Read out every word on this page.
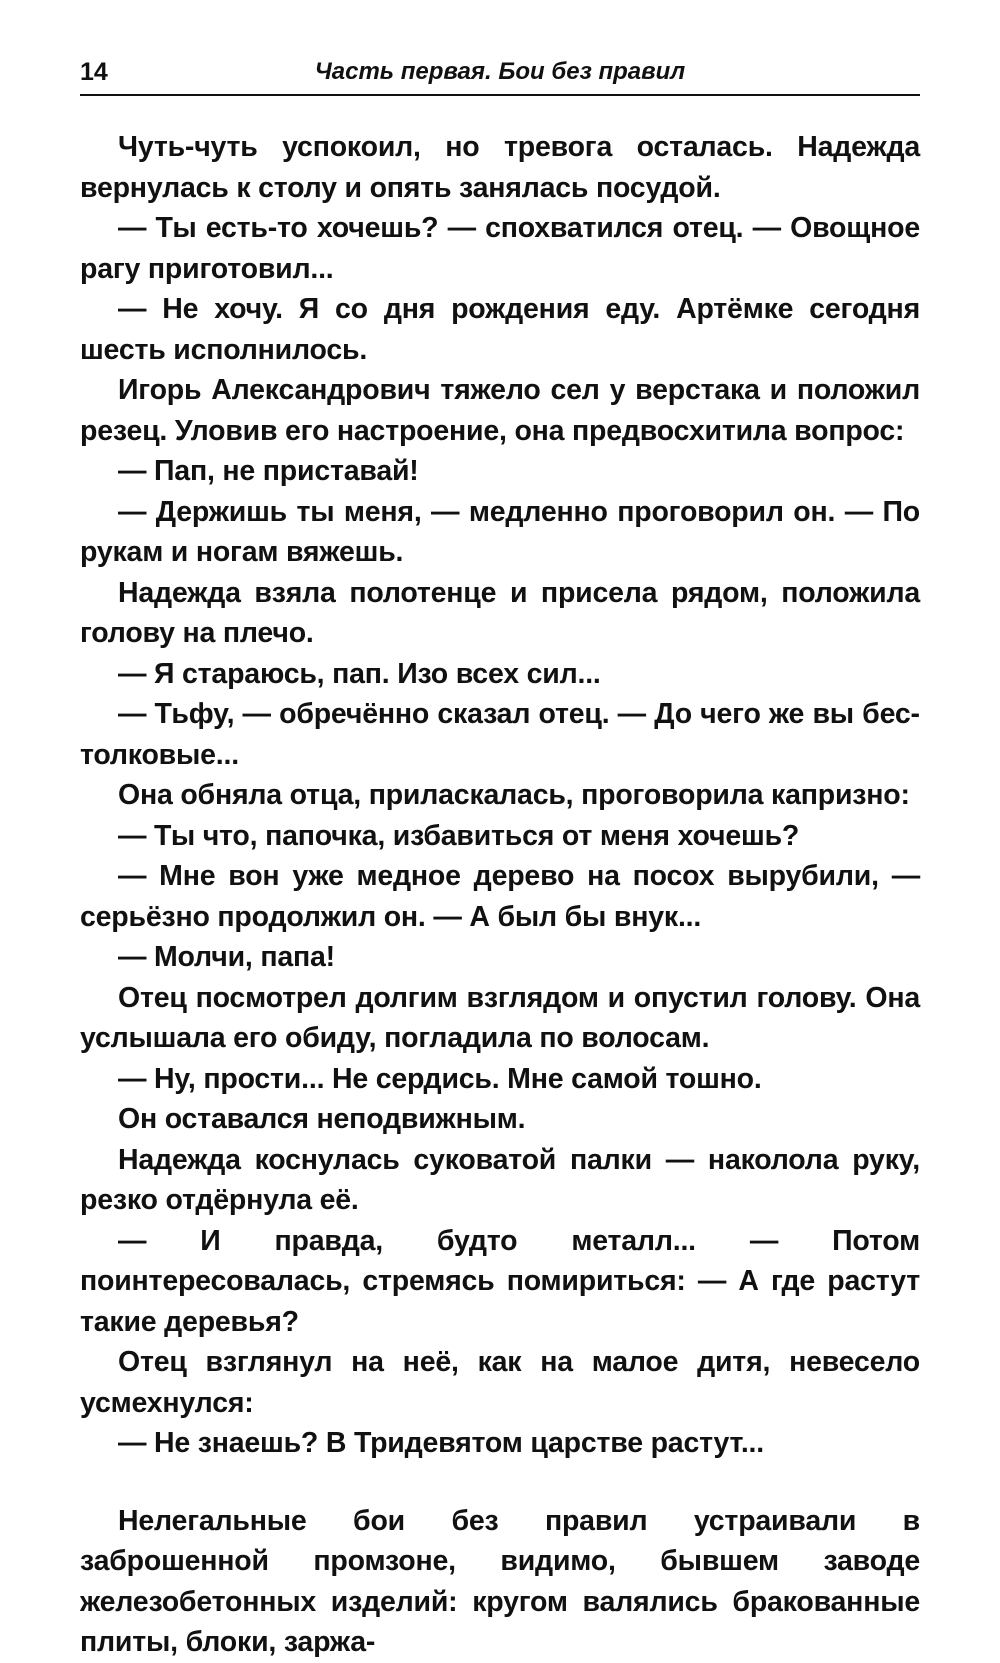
14	Часть первая. Бои без правил

Чуть-чуть успокоил, но тревога осталась. Надежда вернулась к столу и опять занялась посудой.

— Ты есть-то хочешь? — спохватился отец. — Овощное рагу приготовил...

— Не хочу. Я со дня рождения еду. Артёмке сегодня шесть исполнилось.

Игорь Александрович тяжело сел у верстака и положил резец. Уловив его настроение, она предвосхитила вопрос:

— Пап, не приставай!

— Держишь ты меня, — медленно проговорил он. — По рукам и ногам вяжешь.

Надежда взяла полотенце и присела рядом, положила голову на плечо.

— Я стараюсь, пап. Изо всех сил...

— Тьфу, — обречённо сказал отец. — До чего же вы бестолковые...

Она обняла отца, приласкалась, проговорила капризно:

— Ты что, папочка, избавиться от меня хочешь?

— Мне вон уже медное дерево на посох вырубили, — серьёзно продолжил он. — А был бы внук...

— Молчи, папа!

Отец посмотрел долгим взглядом и опустил голову. Она услышала его обиду, погладила по волосам.

— Ну, прости... Не сердись. Мне самой тошно.

Он оставался неподвижным.

Надежда коснулась суковатой палки — наколола руку, резко отдёрнула её.

— И правда, будто металл... — Потом поинтересовалась, стремясь помириться: — А где растут такие деревья?

Отец взглянул на неё, как на малое дитя, невесело усмехнулся:

— Не знаешь? В Тридевятом царстве растут...

Нелегальные бои без правил устраивали в заброшенной промзоне, видимо, бывшем заводе железобетонных изделий: кругом валялись бракованные плиты, блоки, заржа-
